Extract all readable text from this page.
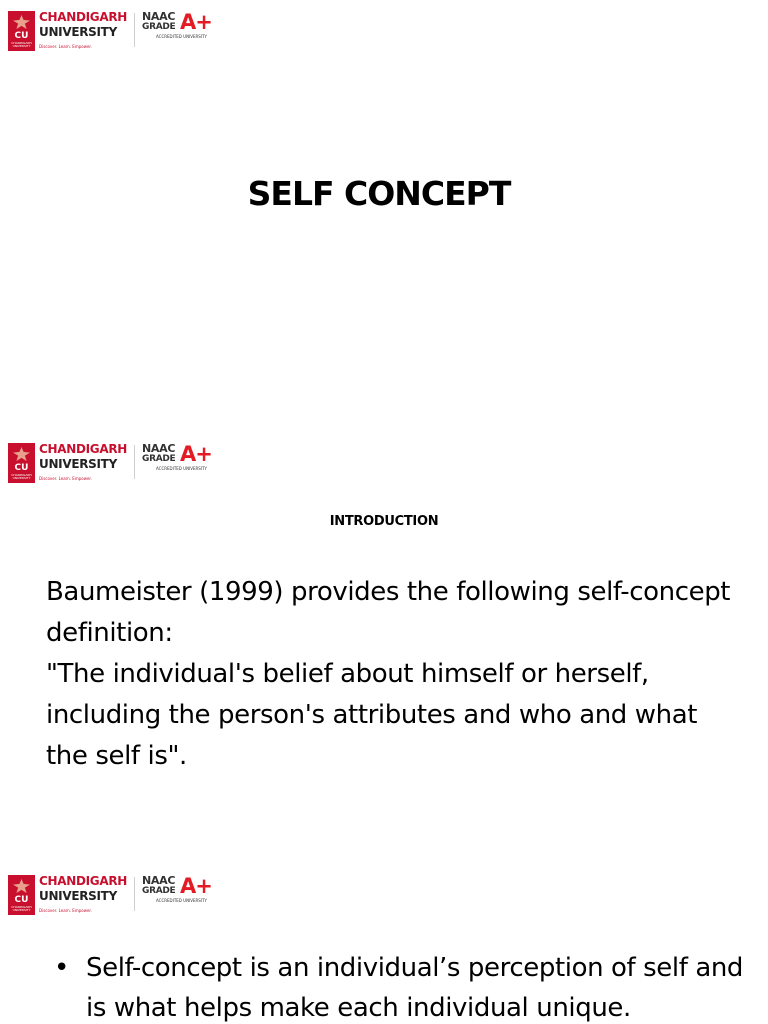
CU
CHANDIGARH UNIVERSITY
CHANDIGARH
UNIVERSITY
Discover. Learn. Empower.
NAAC
GRADE A+
ACCREDITED UNIVERSITY
SELF CONCEPT
CU
CHANDIGARH UNIVERSITY
CHANDIGARH
UNIVERSITY
Discover. Learn. Empower.
NAAC
GRADE A+
ACCREDITED UNIVERSITY
INTRODUCTION

Baumeister (1999) provides the following self-concept definition:

"The individual's belief about himself or herself, including the person's attributes and who and what the self is".

CU
CHANDIGARH UNIVERSITY
CHANDIGARH
UNIVERSITY
Discover. Learn. Empower.
NAAC
GRADE A+
ACCREDITED UNIVERSITY
• Self-concept is an individual’s perception of self and is what helps make each individual unique.
